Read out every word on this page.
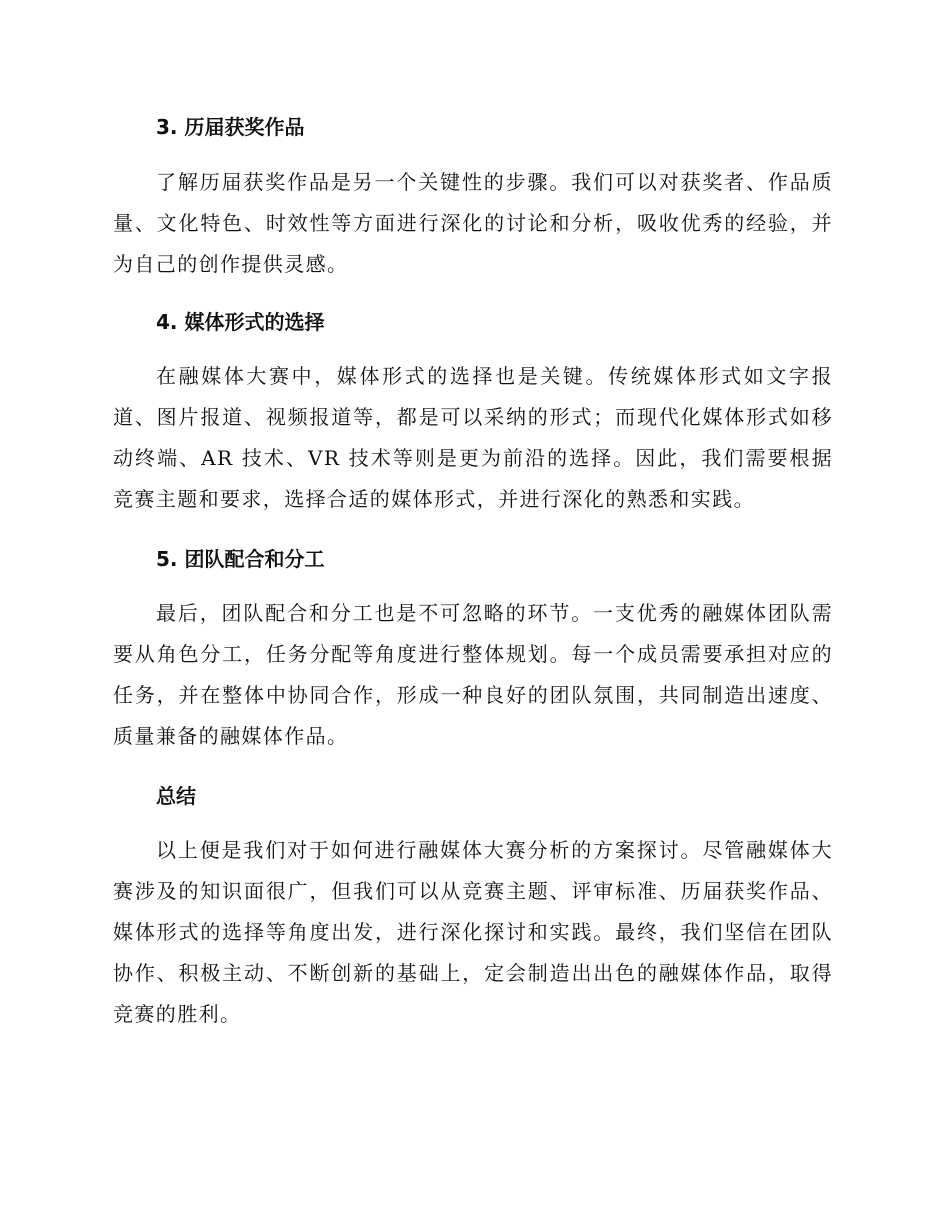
3. 历届获奖作品

了解历届获奖作品是另一个关键性的步骤。我们可以对获奖者、作品质量、文化特色、时效性等方面进行深化的讨论和分析，吸收优秀的经验，并为自己的创作提供灵感。

4. 媒体形式的选择

在融媒体大赛中，媒体形式的选择也是关键。传统媒体形式如文字报道、图片报道、视频报道等，都是可以采纳的形式；而现代化媒体形式如移动终端、AR 技术、VR 技术等则是更为前沿的选择。因此，我们需要根据竞赛主题和要求，选择合适的媒体形式，并进行深化的熟悉和实践。

5. 团队配合和分工

最后，团队配合和分工也是不可忽略的环节。一支优秀的融媒体团队需要从角色分工，任务分配等角度进行整体规划。每一个成员需要承担对应的任务，并在整体中协同合作，形成一种良好的团队氛围，共同制造出速度、质量兼备的融媒体作品。

总结

以上便是我们对于如何进行融媒体大赛分析的方案探讨。尽管融媒体大赛涉及的知识面很广，但我们可以从竞赛主题、评审标准、历届获奖作品、媒体形式的选择等角度出发，进行深化探讨和实践。最终，我们坚信在团队协作、积极主动、不断创新的基础上，定会制造出出色的融媒体作品，取得竞赛的胜利。
